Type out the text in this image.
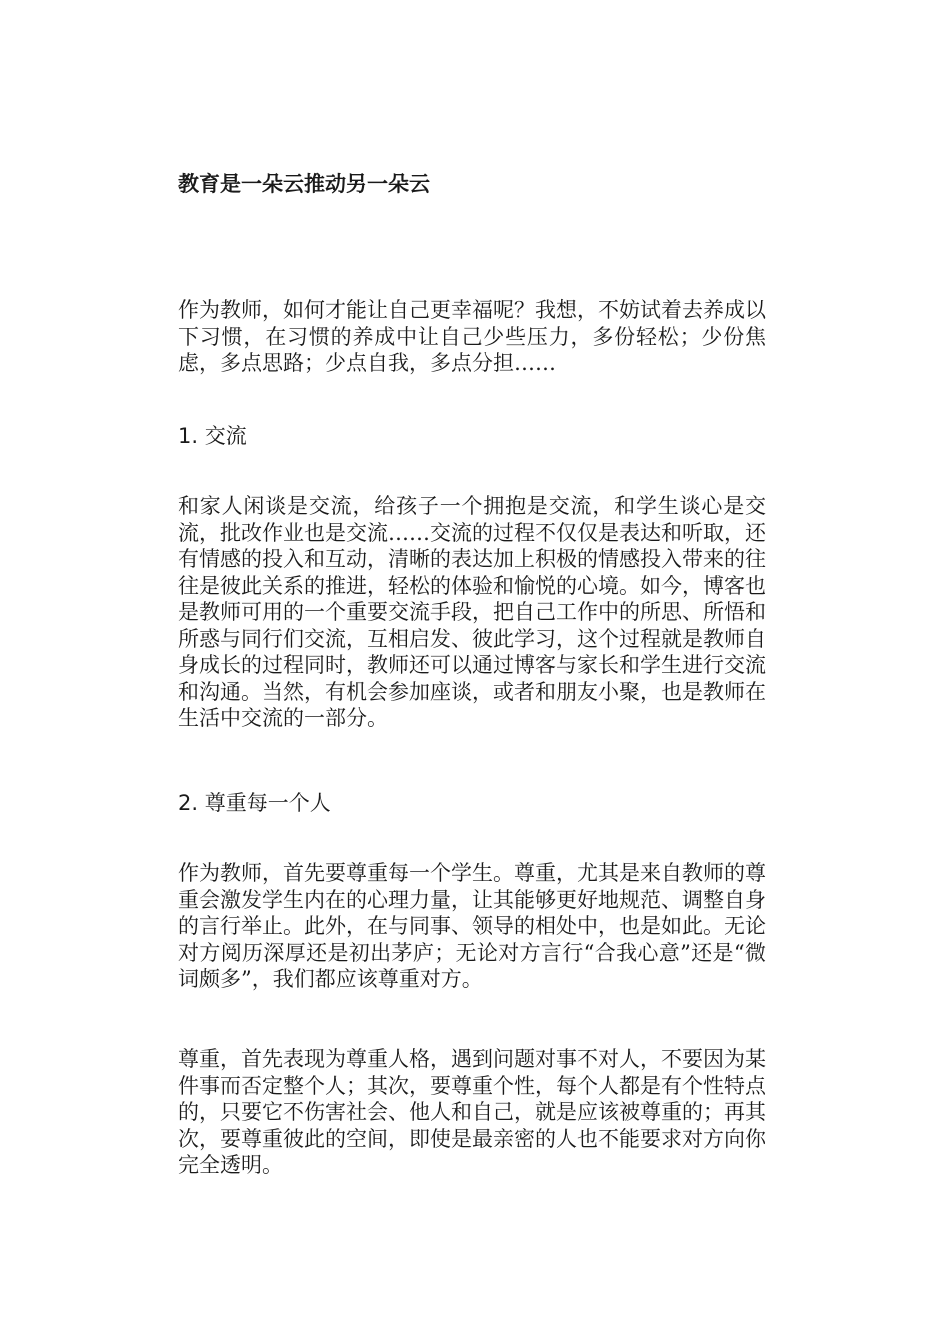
教育是一朵云推动另一朵云
作为教师，如何才能让自己更幸福呢？我想，不妨试着去养成以下习惯，在习惯的养成中让自己少些压力，多份轻松；少份焦虑，多点思路；少点自我，多点分担……
1. 交流
和家人闲谈是交流，给孩子一个拥抱是交流，和学生谈心是交流，批改作业也是交流……交流的过程不仅仅是表达和听取，还有情感的投入和互动，清晰的表达加上积极的情感投入带来的往往是彼此关系的推进，轻松的体验和愉悦的心境。如今，博客也是教师可用的一个重要交流手段，把自己工作中的所思、所悟和所惑与同行们交流，互相启发、彼此学习，这个过程就是教师自身成长的过程同时，教师还可以通过博客与家长和学生进行交流和沟通。当然，有机会参加座谈，或者和朋友小聚，也是教师在生活中交流的一部分。
2. 尊重每一个人
作为教师，首先要尊重每一个学生。尊重，尤其是来自教师的尊重会激发学生内在的心理力量，让其能够更好地规范、调整自身的言行举止。此外，在与同事、领导的相处中，也是如此。无论对方阅历深厚还是初出茅庐；无论对方言行“合我心意”还是“微词颇多”，我们都应该尊重对方。
尊重，首先表现为尊重人格，遇到问题对事不对人，不要因为某件事而否定整个人；其次，要尊重个性，每个人都是有个性特点的，只要它不伤害社会、他人和自己，就是应该被尊重的；再其次，要尊重彼此的空间，即使是最亲密的人也不能要求对方向你完全透明。
